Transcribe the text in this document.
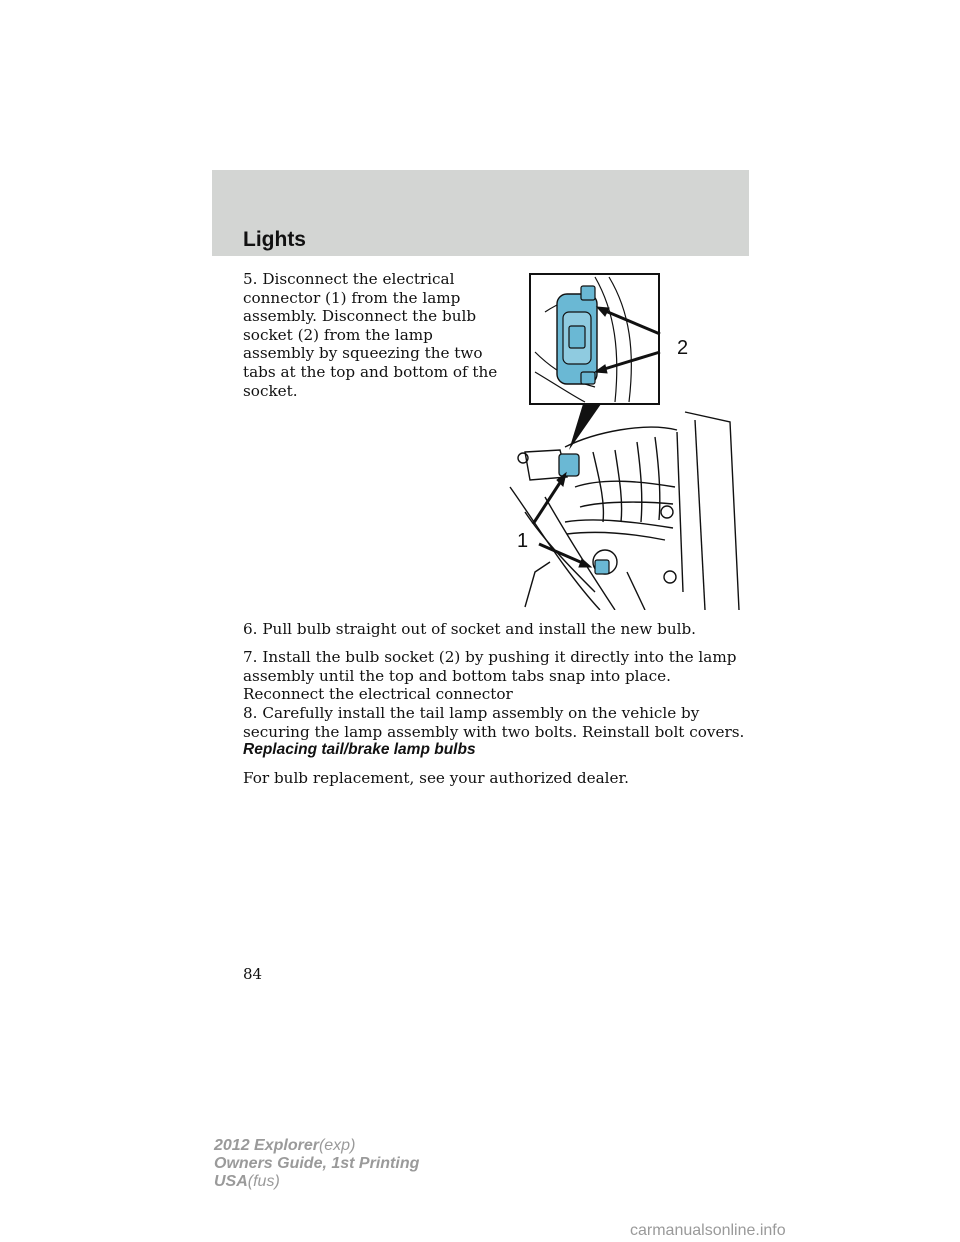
Lights

5. Disconnect the electrical connector (1) from the lamp assembly. Disconnect the bulb socket (2) from the lamp assembly by squeezing the two tabs at the top and bottom of the socket.

2
1

6. Pull bulb straight out of socket and install the new bulb.

7. Install the bulb socket (2) by pushing it directly into the lamp assembly until the top and bottom tabs snap into place. Reconnect the electrical connector

8. Carefully install the tail lamp assembly on the vehicle by securing the lamp assembly with two bolts. Reinstall bolt covers.

Replacing tail/brake lamp bulbs

For bulb replacement, see your authorized dealer.

84
2012 Explorer(exp)
Owners Guide, 1st Printing
USA(fus)
carmanualsonline.info
